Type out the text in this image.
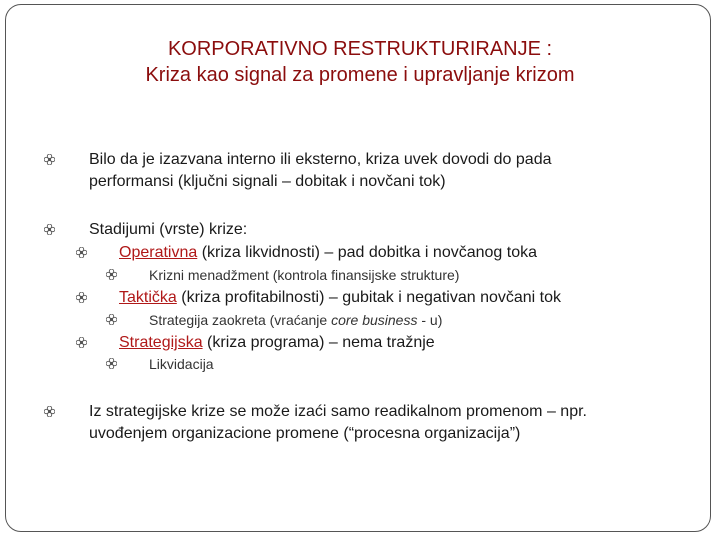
KORPORATIVNO RESTRUKTURIRANJE :
Kriza kao signal za promene i upravljanje krizom
Bilo da je izazvana interno ili eksterno, kriza uvek dovodi do pada
performansi (ključni signali – dobitak i novčani tok)
Stadijumi (vrste) krize:
Operativna (kriza likvidnosti) – pad dobitka i novčanog toka
Krizni menadžment (kontrola finansijske strukture)
Taktička (kriza profitabilnosti) – gubitak i negativan novčani tok
Strategija zaokreta (vraćanje core business - u)
Strategijska (kriza programa) – nema tražnje
Likvidacija
Iz strategijske krize se može izaći samo readikalnom promenom – npr.
uvođenjem organizacione promene (“procesna organizacija”)
